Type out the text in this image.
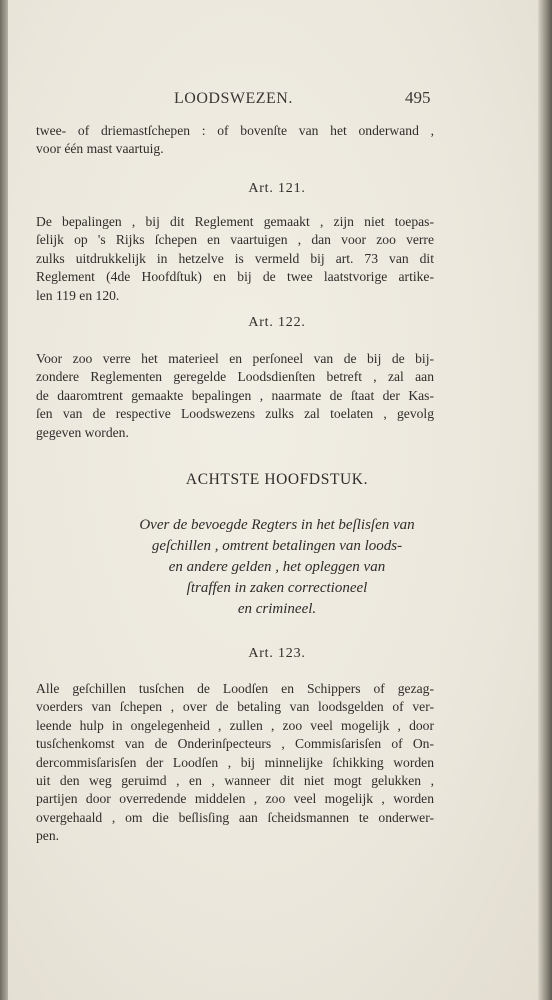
LOODSWEZEN.	495

twee- of driemastſchepen : of bovenſte van het onderwand ,
voor één mast vaartuig.

Art. 121.

De bepalingen , bij dit Reglement gemaakt , zijn niet toepas-
ſelijk op 's Rijks ſchepen en vaartuigen , dan voor zoo verre
zulks uitdrukkelijk in hetzelve is vermeld bij art. 73 van dit
Reglement (4de Hoofdſtuk) en bij de twee laatstvorige artike-
len 119 en 120.

Art. 122.

Voor zoo verre het materieel en perſoneel van de bij de bij-
zondere Reglementen geregelde Loodsdienſten betreft , zal aan
de daaromtrent gemaakte bepalingen , naarmate de ſtaat der Kas-
ſen van de respective Loodswezens zulks zal toelaten , gevolg
gegeven worden.

ACHTSTE HOOFDSTUK.
Over de bevoegde Regters in het beſlisſen van
geſchillen , omtrent betalingen van loods-
en andere gelden , het opleggen van
ſtraffen in zaken correctioneel
en crimineel.
Art. 123.

Alle geſchillen tusſchen de Loodſen en Schippers of gezag-
voerders van ſchepen , over de betaling van loodsgelden of ver-
leende hulp in ongelegenheid , zullen , zoo veel mogelijk , door
tusſchenkomst van de Onderinſpecteurs , Commisſarisſen of On-
dercommisſarisſen der Loodſen , bij minnelijke ſchikking worden
uit den weg geruimd , en , wanneer dit niet mogt gelukken ,
partijen door overredende middelen , zoo veel mogelijk , worden
overgehaald , om die beſlisſing aan ſcheidsmannen te onderwer-
pen.
